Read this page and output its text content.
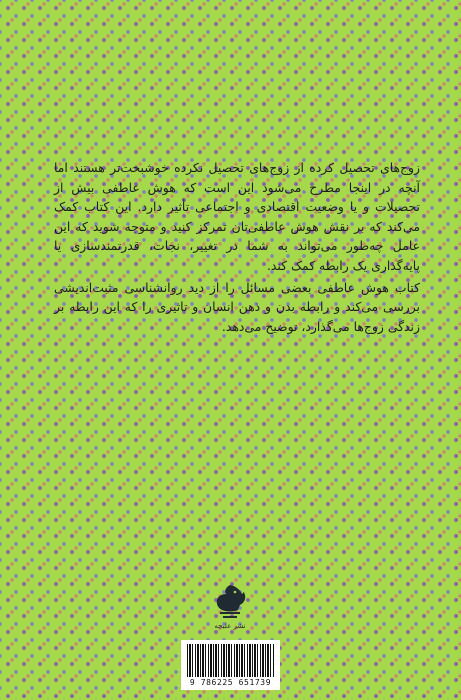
زوج‌های تحصیل کرده از زوج‌های تحصیل نکرده خوشبخت‌تر هستند اما آنچه در اینجا مطرح می‌شود این است که هوش عاطفی بیش از تحصیلات و یا وضعیت اقتصادی و اجتماعی تأثیر دارد. این کتاب کمک می‌کند که بر نقش هوش عاطفی‌تان تمرکز کنید و متوجه شوید که این عامل چه‌طور می‌تواند به شما در تغییر، نجات، قدرتمندسازی یا پایه‌گذاری یک رابطه کمک کند.

کتاب هوش عاطفی بعضی مسائل را از دید روانشناسی مثبت‌اندیشی بررسی می‌کند و رابطه بدن و ذهن انسان و تاثیری را که این رابطه بر زندگی زوج‌ها می‌گذارد، توضیح می‌دهد.

نشر علیچه
9 786225 651739
